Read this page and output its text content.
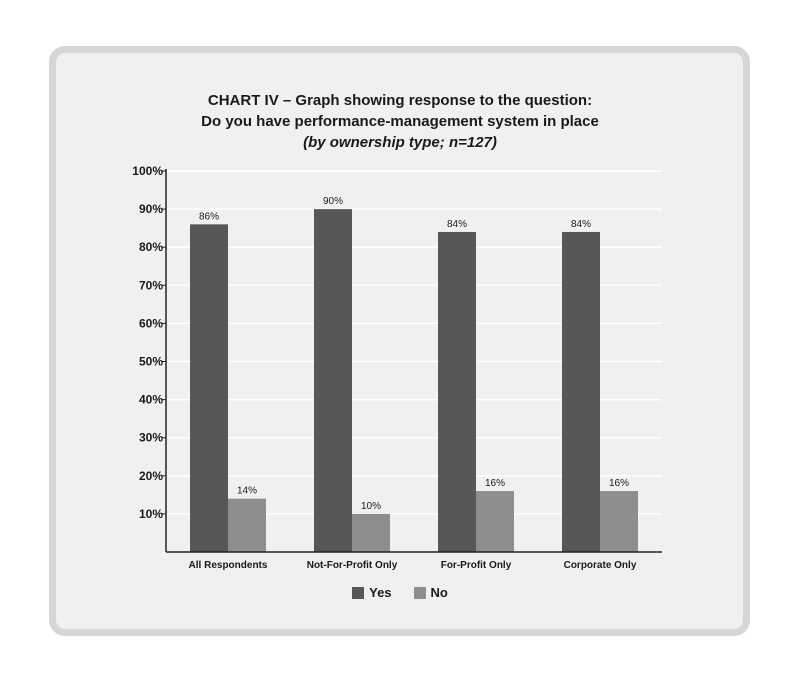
CHART IV – Graph showing response to the question:
Do you have performance-management system in place
(by ownership type; n=127)
10%
20%
30%
40%
50%
60%
70%
80%
90%
100%
86%
14%
All Respondents
90%
10%
Not-For-Profit Only
84%
16%
For-Profit Only
84%
16%
Corporate Only
Yes	No
